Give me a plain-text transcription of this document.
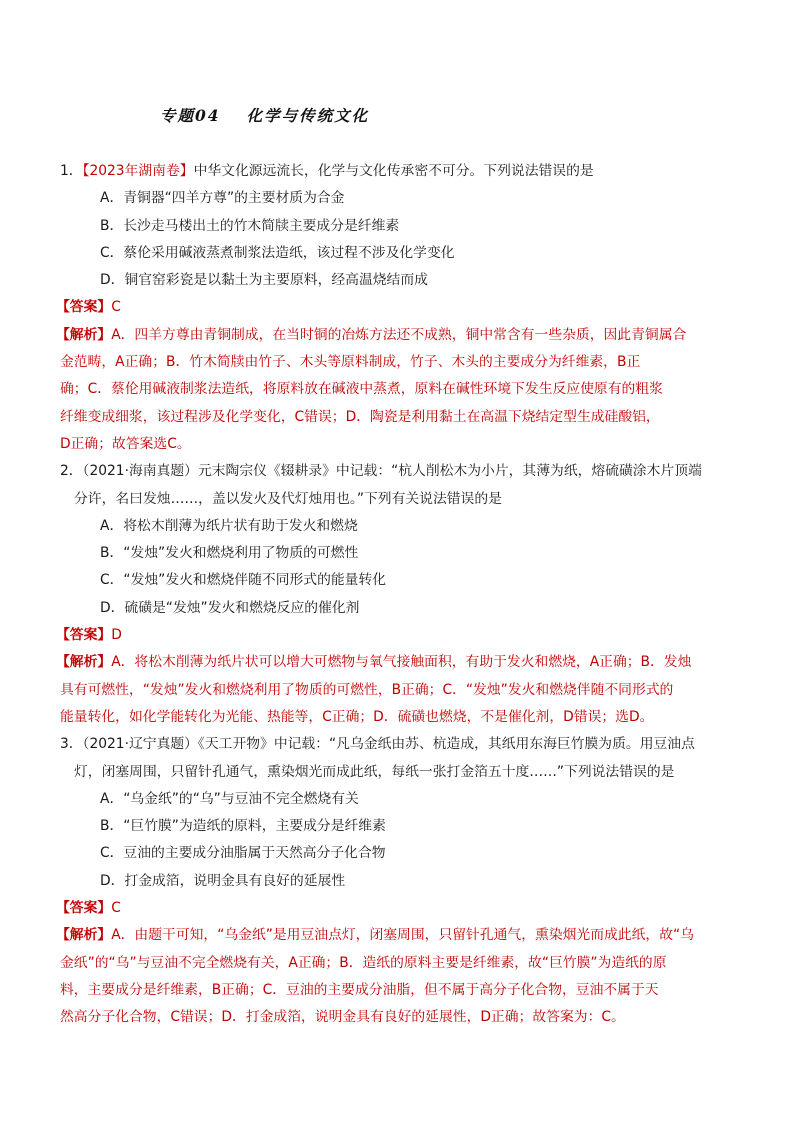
专题04 化学与传统文化
1．【2023年湖南卷】中华文化源远流长，化学与文化传承密不可分。下列说法错误的是
A．青铜器“四羊方尊”的主要材质为合金
B．长沙走马楼出土的竹木简牍主要成分是纤维素
C．蔡伦采用碱液蒸煮制浆法造纸，该过程不涉及化学变化
D．铜官窑彩瓷是以黏土为主要原料，经高温烧结而成
【答案】C
【解析】A．四羊方尊由青铜制成，在当时铜的冶炼方法还不成熟，铜中常含有一些杂质，因此青铜属合
金范畴，A正确；B．竹木简牍由竹子、木头等原料制成，竹子、木头的主要成分为纤维素，B正
确；C．蔡伦用碱液制浆法造纸，将原料放在碱液中蒸煮，原料在碱性环境下发生反应使原有的粗浆
纤维变成细浆，该过程涉及化学变化，C错误；D．陶瓷是利用黏土在高温下烧结定型生成硅酸铝，
D正确；故答案选C。
2．（2021·海南真题）元末陶宗仪《辍耕录》中记载：“杭人削松木为小片，其薄为纸，熔硫磺涂木片顶端
分许，名曰发烛……，盖以发火及代灯烛用也。”下列有关说法错误的是
A．将松木削薄为纸片状有助于发火和燃烧
B．“发烛”发火和燃烧利用了物质的可燃性
C．“发烛”发火和燃烧伴随不同形式的能量转化
D．硫磺是“发烛”发火和燃烧反应的催化剂
【答案】D
【解析】A．将松木削薄为纸片状可以增大可燃物与氧气接触面积，有助于发火和燃烧，A正确；B．发烛
具有可燃性，“发烛”发火和燃烧利用了物质的可燃性，B正确；C．“发烛”发火和燃烧伴随不同形式的
能量转化，如化学能转化为光能、热能等，C正确；D．硫磺也燃烧，不是催化剂，D错误；选D。
3．（2021·辽宁真题）《天工开物》中记载：“凡乌金纸由苏、杭造成，其纸用东海巨竹膜为质。用豆油点
灯，闭塞周围，只留针孔通气，熏染烟光而成此纸，每纸一张打金箔五十度……”下列说法错误的是
A．“乌金纸”的“乌”与豆油不完全燃烧有关
B．“巨竹膜”为造纸的原料，主要成分是纤维素
C．豆油的主要成分油脂属于天然高分子化合物
D．打金成箔，说明金具有良好的延展性
【答案】C
【解析】A．由题干可知，“乌金纸”是用豆油点灯，闭塞周围，只留针孔通气，熏染烟光而成此纸，故“乌
金纸”的“乌”与豆油不完全燃烧有关，A正确；B．造纸的原料主要是纤维素，故“巨竹膜”为造纸的原
料，主要成分是纤维素，B正确；C．豆油的主要成分油脂，但不属于高分子化合物，豆油不属于天
然高分子化合物，C错误；D．打金成箔，说明金具有良好的延展性，D正确；故答案为：C。
